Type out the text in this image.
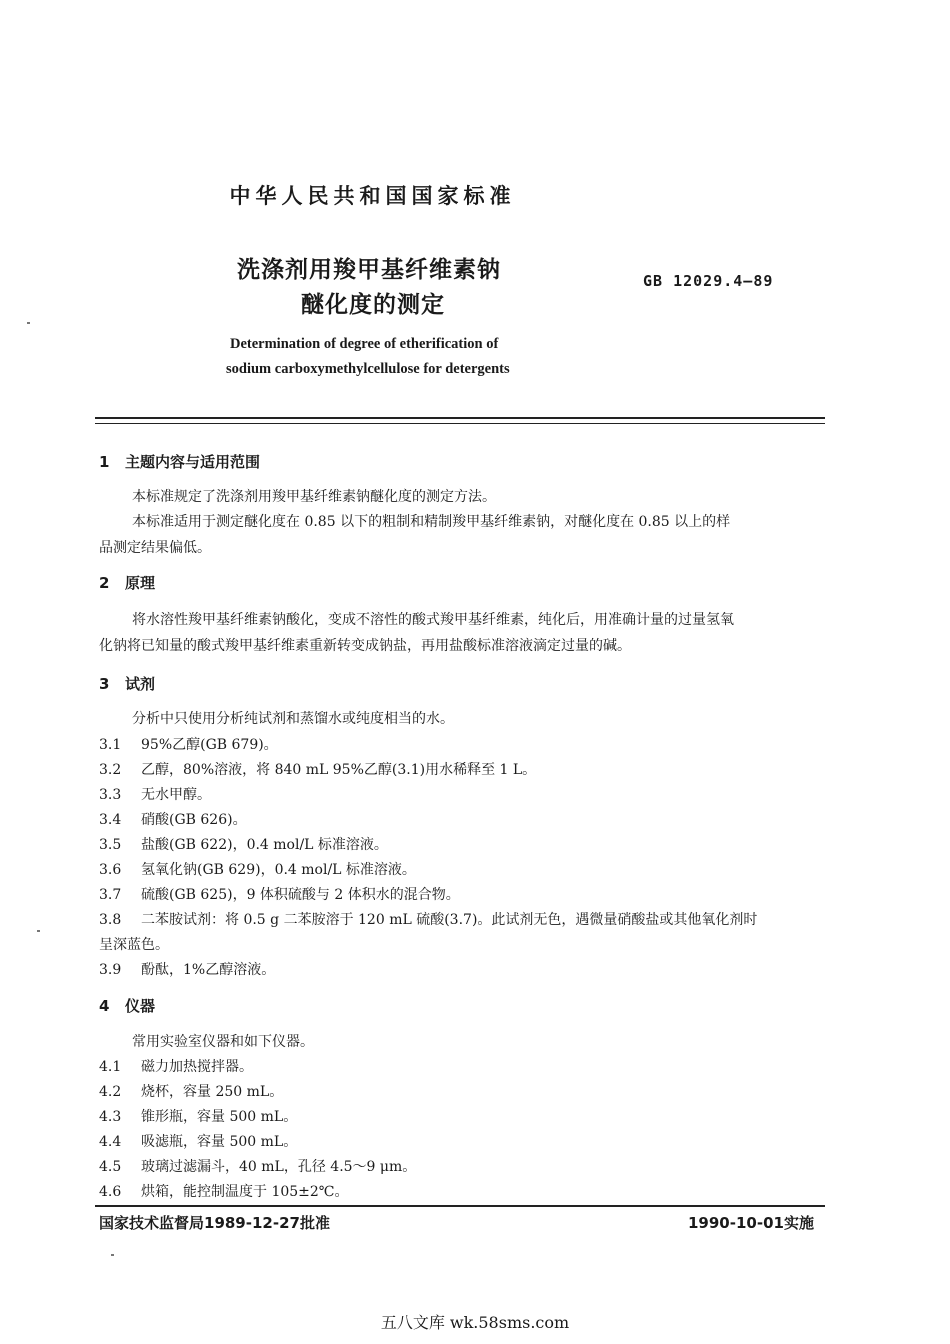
中华人民共和国国家标准
洗涤剂用羧甲基纤维素钠
醚化度的测定
GB 12029.4—89
Determination of degree of etherification of
sodium carboxymethylcellulose for detergents
1 主题内容与适用范围
本标准规定了洗涤剂用羧甲基纤维素钠醚化度的测定方法。
本标准适用于测定醚化度在 0.85 以下的粗制和精制羧甲基纤维素钠，对醚化度在 0.85 以上的样
品测定结果偏低。
2 原理
将水溶性羧甲基纤维素钠酸化，变成不溶性的酸式羧甲基纤维素，纯化后，用准确计量的过量氢氧
化钠将已知量的酸式羧甲基纤维素重新转变成钠盐，再用盐酸标准溶液滴定过量的碱。
3 试剂
分析中只使用分析纯试剂和蒸馏水或纯度相当的水。
3.1 95%乙醇(GB 679)。
3.2 乙醇，80%溶液，将 840 mL 95%乙醇(3.1)用水稀释至 1 L。
3.3 无水甲醇。
3.4 硝酸(GB 626)。
3.5 盐酸(GB 622)，0.4 mol/L 标准溶液。
3.6 氢氧化钠(GB 629)，0.4 mol/L 标准溶液。
3.7 硫酸(GB 625)，9 体积硫酸与 2 体积水的混合物。
3.8 二苯胺试剂：将 0.5 g 二苯胺溶于 120 mL 硫酸(3.7)。此试剂无色，遇微量硝酸盐或其他氧化剂时
呈深蓝色。
3.9 酚酞，1%乙醇溶液。
4 仪器
常用实验室仪器和如下仪器。
4.1 磁力加热搅拌器。
4.2 烧杯，容量 250 mL。
4.3 锥形瓶，容量 500 mL。
4.4 吸滤瓶，容量 500 mL。
4.5 玻璃过滤漏斗，40 mL，孔径 4.5～9 μm。
4.6 烘箱，能控制温度于 105±2℃。
国家技术监督局1989-12-27批准	1990-10-01实施
五八文库 wk.58sms.com
